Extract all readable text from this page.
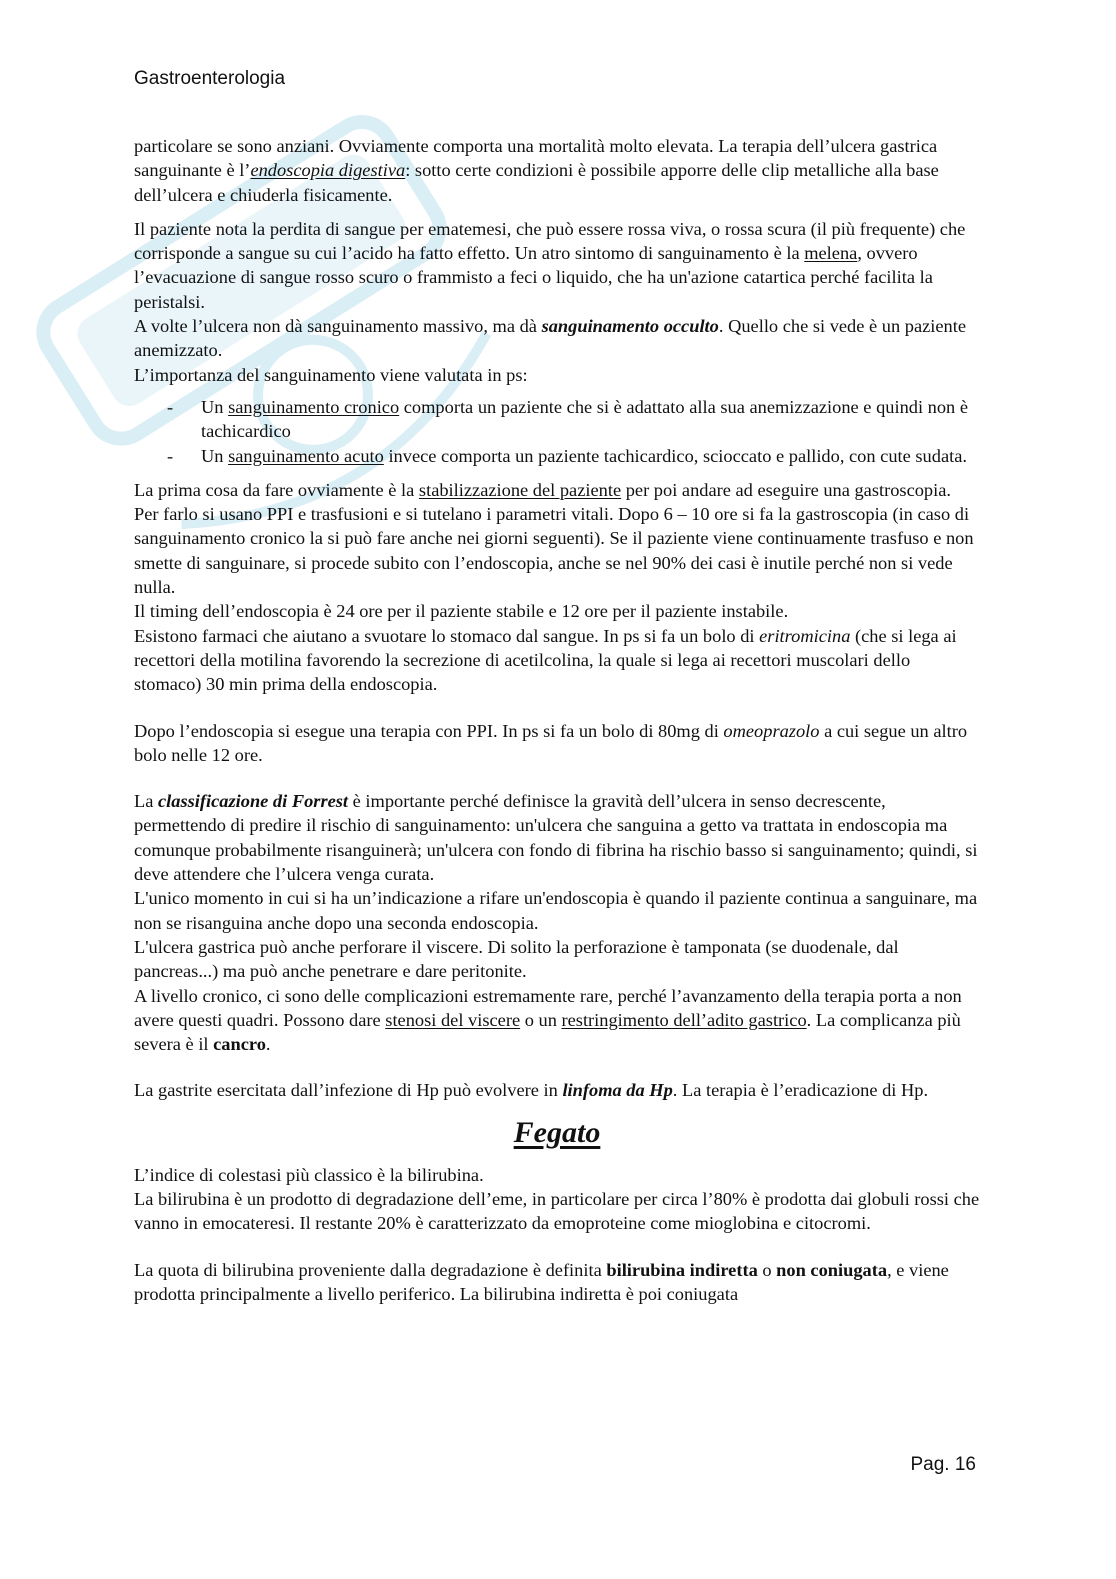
Gastroenterologia

particolare se sono anziani. Ovviamente comporta una mortalità molto elevata. La terapia dell’ulcera gastrica sanguinante è l’endoscopia digestiva: sotto certe condizioni è possibile apporre delle clip metalliche alla base dell’ulcera e chiuderla fisicamente.

Il paziente nota la perdita di sangue per ematemesi, che può essere rossa viva, o rossa scura (il più frequente) che corrisponde a sangue su cui l’acido ha fatto effetto. Un atro sintomo di sanguinamento è la melena, ovvero l’evacuazione di sangue rosso scuro o frammisto a feci o liquido, che ha un'azione catartica perché facilita la peristalsi.

A volte l’ulcera non dà sanguinamento massivo, ma dà sanguinamento occulto. Quello che si vede è un paziente anemizzato.

L’importanza del sanguinamento viene valutata in ps:

- Un sanguinamento cronico comporta un paziente che si è adattato alla sua anemizzazione e quindi non è tachicardico
- Un sanguinamento acuto invece comporta un paziente tachicardico, scioccato e pallido, con cute sudata.

La prima cosa da fare ovviamente è la stabilizzazione del paziente per poi andare ad eseguire una gastroscopia. Per farlo si usano PPI e trasfusioni e si tutelano i parametri vitali. Dopo 6 – 10 ore si fa la gastroscopia (in caso di sanguinamento cronico la si può fare anche nei giorni seguenti). Se il paziente viene continuamente trasfuso e non smette di sanguinare, si procede subito con l’endoscopia, anche se nel 90% dei casi è inutile perché non si vede nulla.

Il timing dell’endoscopia è 24 ore per il paziente stabile e 12 ore per il paziente instabile.

Esistono farmaci che aiutano a svuotare lo stomaco dal sangue. In ps si fa un bolo di eritromicina (che si lega ai recettori della motilina favorendo la secrezione di acetilcolina, la quale si lega ai recettori muscolari dello stomaco) 30 min prima della endoscopia.

Dopo l’endoscopia si esegue una terapia con PPI. In ps si fa un bolo di 80mg di omeoprazolo a cui segue un altro bolo nelle 12 ore.

La classificazione di Forrest è importante perché definisce la gravità dell’ulcera in senso decrescente, permettendo di predire il rischio di sanguinamento: un'ulcera che sanguina a getto va trattata in endoscopia ma comunque probabilmente risanguinerà; un'ulcera con fondo di fibrina ha rischio basso si sanguinamento; quindi, si deve attendere che l’ulcera venga curata.

L'unico momento in cui si ha un’indicazione a rifare un'endoscopia è quando il paziente continua a sanguinare, ma non se risanguina anche dopo una seconda endoscopia.

L'ulcera gastrica può anche perforare il viscere. Di solito la perforazione è tamponata (se duodenale, dal pancreas...) ma può anche penetrare e dare peritonite.

A livello cronico, ci sono delle complicazioni estremamente rare, perché l’avanzamento della terapia porta a non avere questi quadri. Possono dare stenosi del viscere o un restringimento dell’adito gastrico. La complicanza più severa è il cancro.

La gastrite esercitata dall’infezione di Hp può evolvere in linfoma da Hp. La terapia è l’eradicazione di Hp.

Fegato

L’indice di colestasi più classico è la bilirubina.

La bilirubina è un prodotto di degradazione dell’eme, in particolare per circa l’80% è prodotta dai globuli rossi che vanno in emocateresi. Il restante 20% è caratterizzato da emoproteine come mioglobina e citocromi.

La quota di bilirubina proveniente dalla degradazione è definita bilirubina indiretta o non coniugata, e viene prodotta principalmente a livello periferico. La bilirubina indiretta è poi coniugata

Pag. 16
